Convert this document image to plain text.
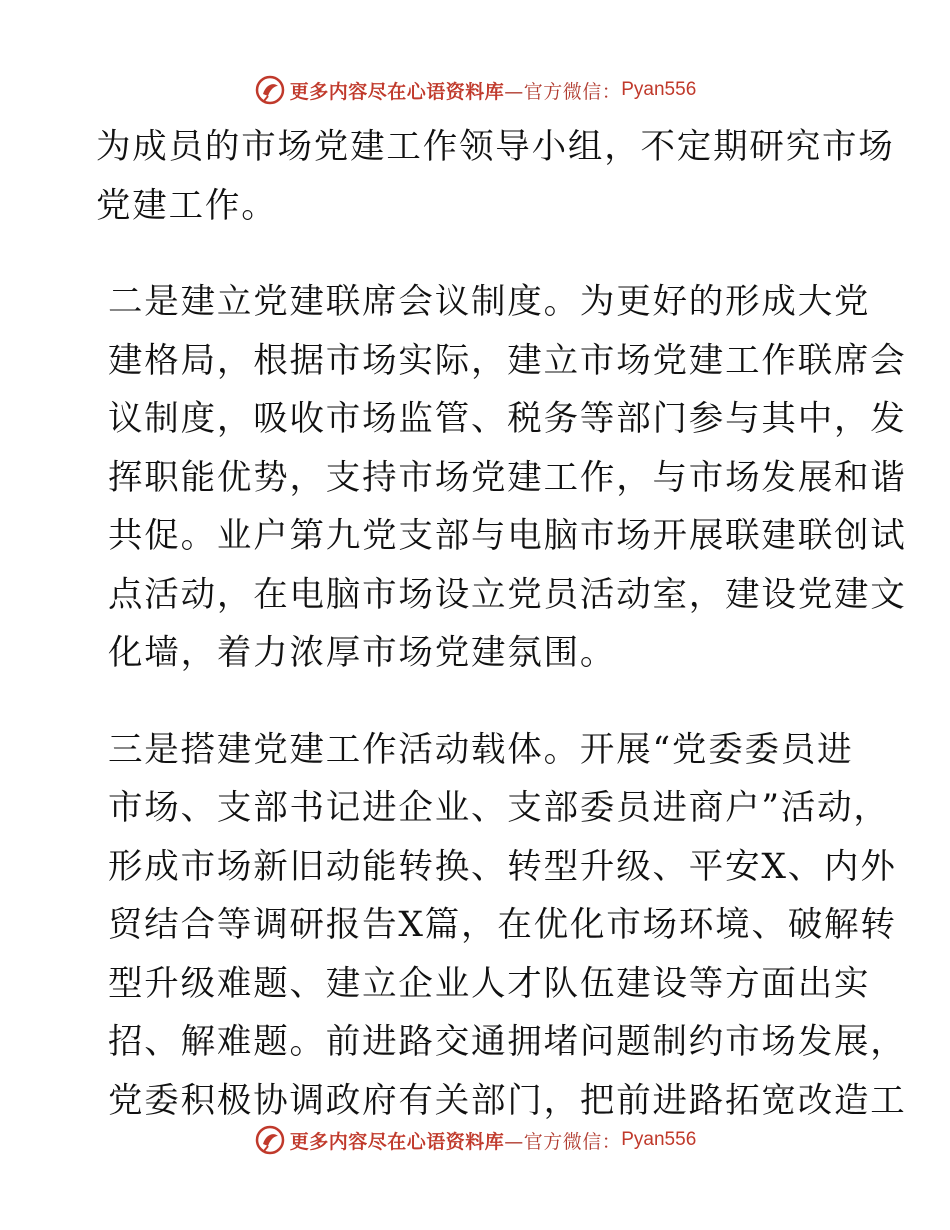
更多内容尽在心语资料库 —官方微信： Pyan556
为成员的市场党建工作领导小组，不定期研究市场
党建工作。
二是建立党建联席会议制度。为更好的形成大党
建格局，根据市场实际，建立市场党建工作联席会
议制度，吸收市场监管、税务等部门参与其中，发
挥职能优势，支持市场党建工作，与市场发展和谐
共促。业户第九党支部与电脑市场开展联建联创试
点活动，在电脑市场设立党员活动室，建设党建文
化墙，着力浓厚市场党建氛围。
三是搭建党建工作活动载体。开展“党委委员进
市场、支部书记进企业、支部委员进商户”活动，
形成市场新旧动能转换、转型升级、平安X、内外
贸结合等调研报告X篇，在优化市场环境、破解转
型升级难题、建立企业人才队伍建设等方面出实
招、解难题。前进路交通拥堵问题制约市场发展，
党委积极协调政府有关部门，把前进路拓宽改造工
更多内容尽在心语资料库 —官方微信： Pyan556
